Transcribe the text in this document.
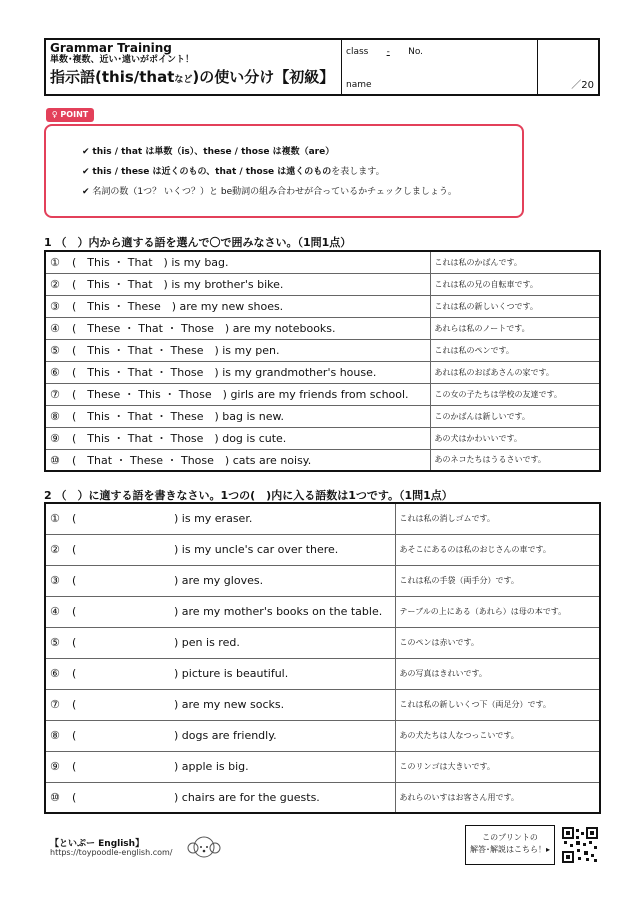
Grammar Training
単数･複数、近い･遠いがポイント！
指示語(this/thatなど)の使い分け【初級】
class - No.
name	／20
♀ POINT
✔ this / that は単数（is）、these / those は複数（are）
✔ this / these は近くのもの、that / those は遠くのものを表します。
✔ 名詞の数（1つ？ いくつ？）と be動詞の組み合わせが合っているかチェックしましょう。
1 （　）内から適する語を選んで〇で囲みなさい。（1問1点）
① (　This ・ That　) is my bag.	これは私のかばんです。
② (　This ・ That　) is my brother's bike.	これは私の兄の自転車です。
③ (　This ・ These　) are my new shoes.	これは私の新しいくつです。
④ (　These ・ That ・ Those　) are my notebooks.	あれらは私のノートです。
⑤ (　This ・ That ・ These　) is my pen.	これは私のペンです。
⑥ (　This ・ That ・ Those　) is my grandmother's house.	あれは私のおばあさんの家です。
⑦ (　These ・ This ・ Those　) girls are my friends from school.	この女の子たちは学校の友達です。
⑧ (　This ・ That ・ These　) bag is new.	このかばんは新しいです。
⑨ (　This ・ That ・ Those　) dog is cute.	あの犬はかわいいです。
⑩ (　That ・ These ・ Those　) cats are noisy.	あのネコたちはうるさいです。
2 （　）に適する語を書きなさい。1つの(　)内に入る語数は1つです。（1問1点）
① ( ) is my eraser.	これは私の消しゴムです。
② ( ) is my uncle's car over there.	あそこにあるのは私のおじさんの車です。
③ ( ) are my gloves.	これは私の手袋（両手分）です。
④ ( ) are my mother's books on the table.	テーブルの上にある（あれら）は母の本です。
⑤ ( ) pen is red.	このペンは赤いです。
⑥ ( ) picture is beautiful.	あの写真はきれいです。
⑦ ( ) are my new socks.	これは私の新しいくつ下（両足分）です。
⑧ ( ) dogs are friendly.	あの犬たちは人なつっこいです。
⑨ ( ) apple is big.	このリンゴは大きいです。
⑩ ( ) chairs are for the guests.	あれらのいすはお客さん用です。
【といぷー English】
https://toypoodle-english.com/
このプリントの
解答･解説はこちら！▸
